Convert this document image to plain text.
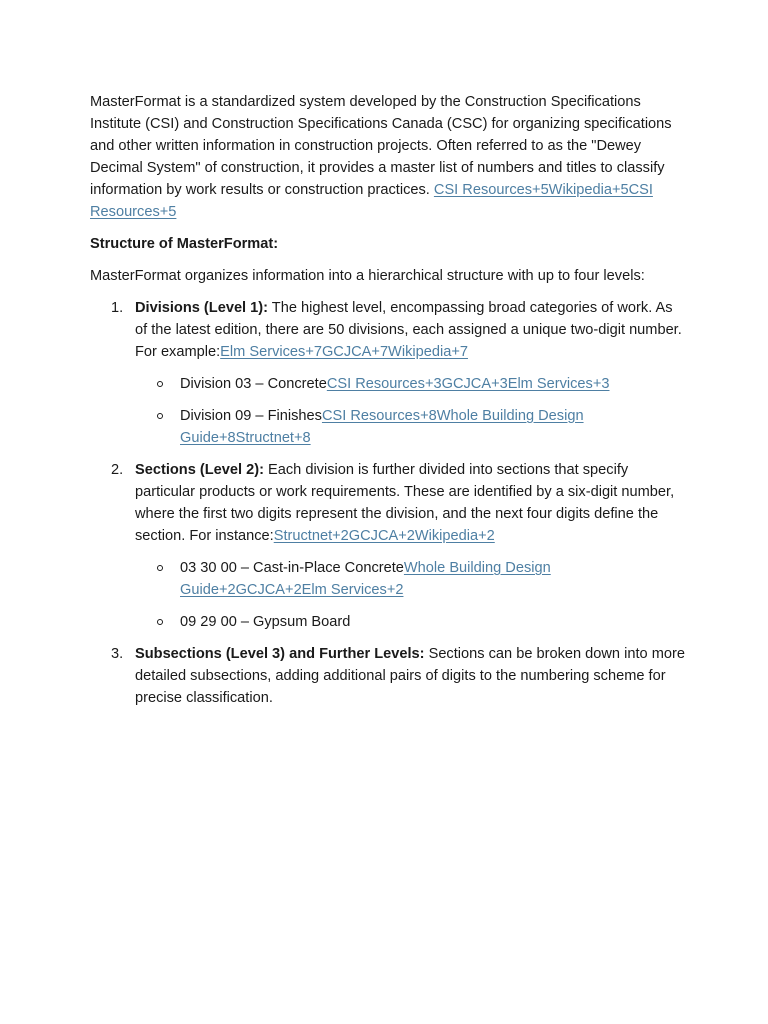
MasterFormat is a standardized system developed by the Construction Specifications Institute (CSI) and Construction Specifications Canada (CSC) for organizing specifications and other written information in construction projects. Often referred to as the "Dewey Decimal System" of construction, it provides a master list of numbers and titles to classify information by work results or construction practices. CSI Resources+5Wikipedia+5CSI Resources+5

Structure of MasterFormat:

MasterFormat organizes information into a hierarchical structure with up to four levels:

1. Divisions (Level 1): The highest level, encompassing broad categories of work. As of the latest edition, there are 50 divisions, each assigned a unique two-digit number. For example:Elm Services+7GCJCA+7Wikipedia+7
Division 03 – ConcreteCSI Resources+3GCJCA+3Elm Services+3
Division 09 – FinishesCSI Resources+8Whole Building Design Guide+8Structnet+8
2. Sections (Level 2): Each division is further divided into sections that specify particular products or work requirements. These are identified by a six-digit number, where the first two digits represent the division, and the next four digits define the section. For instance:Structnet+2GCJCA+2Wikipedia+2
03 30 00 – Cast-in-Place ConcreteWhole Building Design Guide+2GCJCA+2Elm Services+2
09 29 00 – Gypsum Board
3. Subsections (Level 3) and Further Levels: Sections can be broken down into more detailed subsections, adding additional pairs of digits to the numbering scheme for precise classification.
